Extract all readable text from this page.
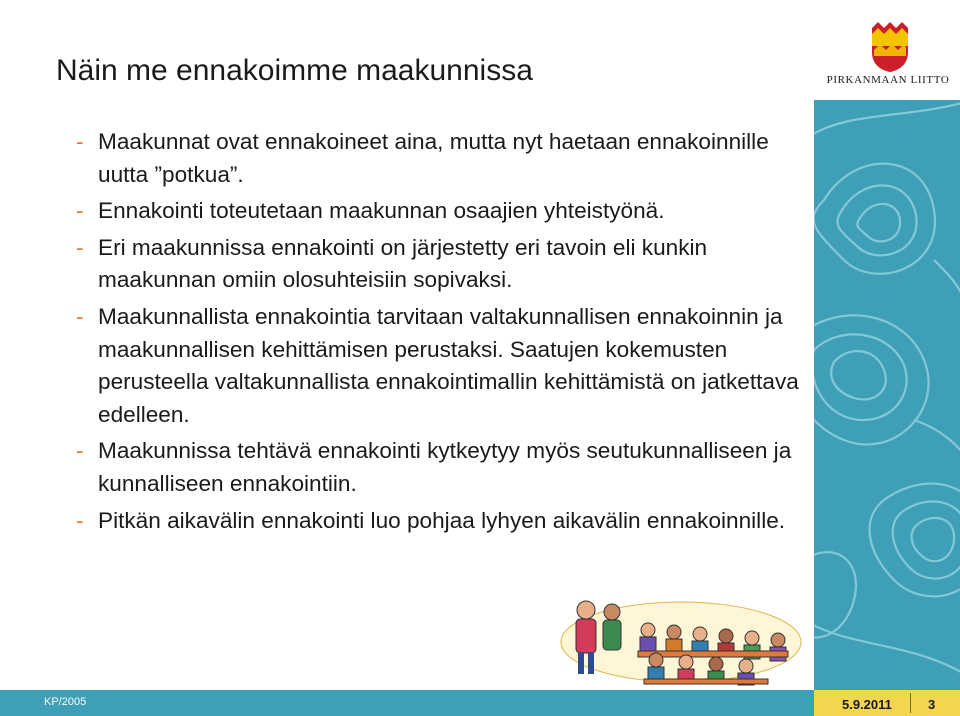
Näin me ennakoimme maakunnissa
- Maakunnat ovat ennakoineet aina, mutta nyt haetaan ennakoinnille uutta ”potkua”.
- Ennakointi toteutetaan maakunnan osaajien yhteistyönä.
- Eri maakunnissa ennakointi on järjestetty eri tavoin eli kunkin maakunnan omiin olosuhteisiin sopivaksi.
- Maakunnallista ennakointia tarvitaan valtakunnallisen ennakoinnin ja maakunnallisen kehittämisen perustaksi. Saatujen kokemusten perusteella valtakunnallista ennakointimallin kehittämistä on jatkettava edelleen.
- Maakunnissa tehtävä ennakointi kytkeytyy myös seutukunnalliseen ja kunnalliseen ennakointiin.
- Pitkän aikavälin ennakointi luo pohjaa lyhyen aikavälin ennakoinnille.
PIRKANMAAN LIITTO
KP/2005	5.9.2011	3
